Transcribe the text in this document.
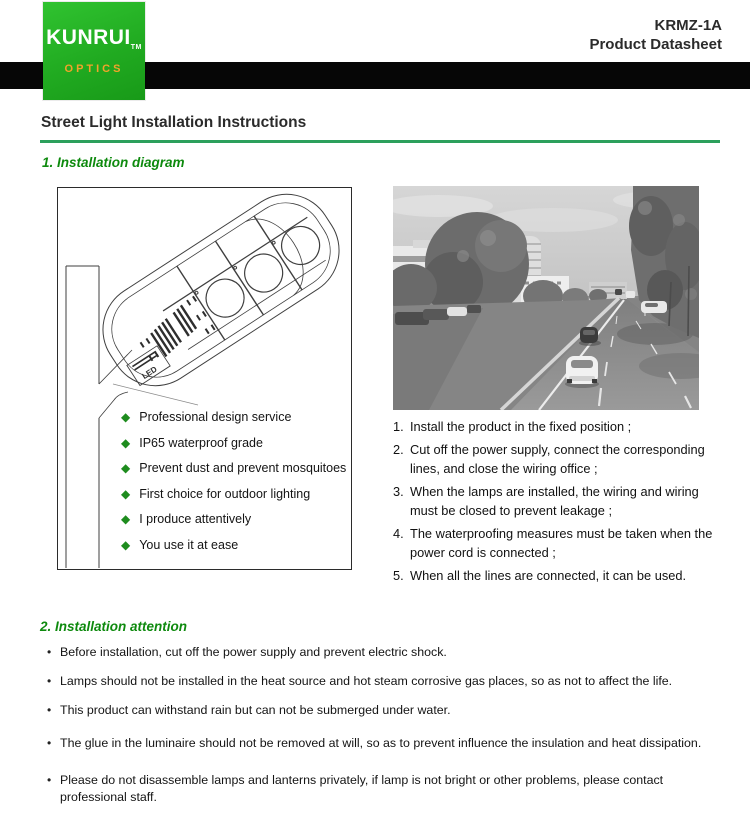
$KUNRUI_{TM}$
OPTICS
KRMZ-1A
Product Datasheet
Street Light Installation Instructions
1. Installation diagram
LED
◆ Professional design service
◆ IP65 waterproof grade
◆ Prevent dust and prevent mosquitoes
◆ First choice for outdoor lighting
◆ I produce attentively
◆ You use it at ease
1. Install the product in the fixed position ;
2. Cut off the power supply, connect the corresponding lines, and close the wiring office ;
3. When the lamps are installed, the wiring and wiring must be closed to prevent leakage ;
4. The waterproofing measures must be taken when the power cord is connected ;
5. When all the lines are connected, it can be used.
2. Installation attention
• Before installation, cut off the power supply and prevent electric shock.
• Lamps should not be installed in the heat source and hot steam corrosive gas places, so as not to affect the life.
• This product can withstand rain but can not be submerged under water.
• The glue in the luminaire should not be removed at will, so as to prevent influence the insulation and heat dissipation.
• Please do not disassemble lamps and lanterns privately, if lamp is not bright or other problems, please contact professional staff.
